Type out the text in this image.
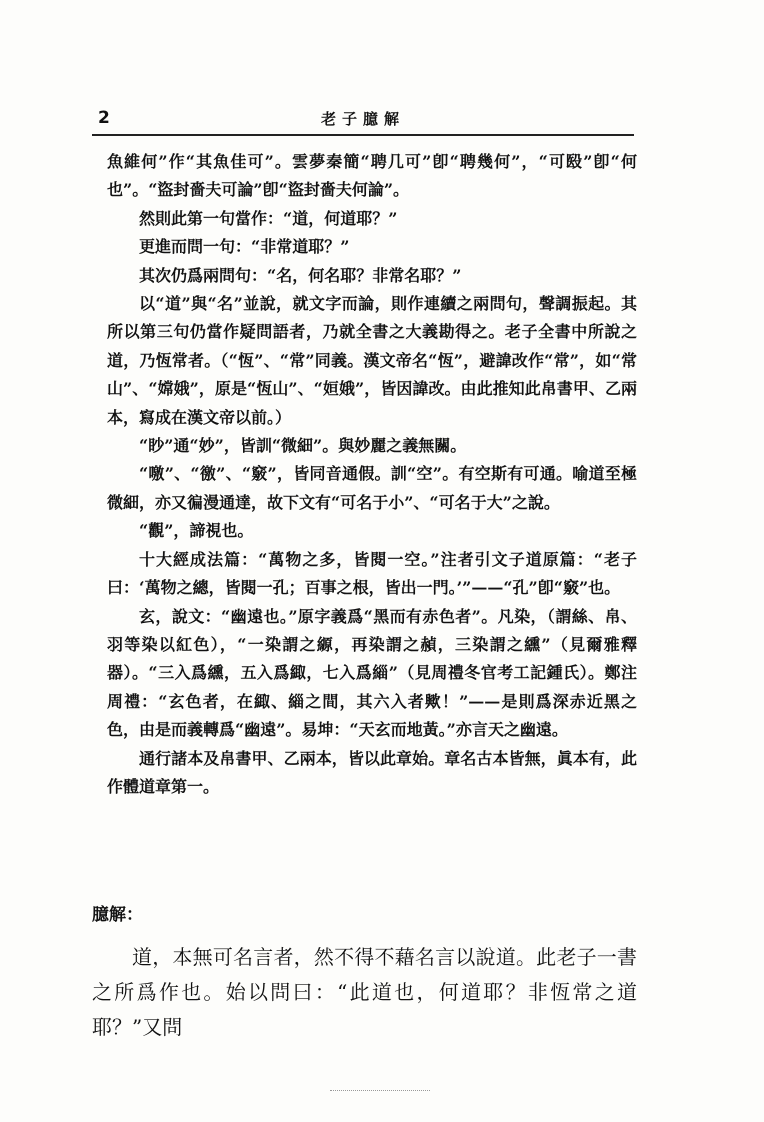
2	老子臆解

魚維何”作“其魚佳可”。雲夢秦簡“聘几可”卽“聘幾何”，“可殹”卽“何也”。“盜封嗇夫可論”卽“盜封嗇夫何論”。

然則此第一句當作：“道，何道耶？”

更進而問一句：“非常道耶？”

其次仍爲兩問句：“名，何名耶？非常名耶？”

以“道”與“名”並說，就文字而論，則作連續之兩問句，聲調振起。其所以第三句仍當作疑問語者，乃就全書之大義勘得之。老子全書中所說之道，乃恆常者。（“恆”、“常”同義。漢文帝名“恆”，避諱改作“常”，如“常山”、“嫦娥”，原是“恆山”、“姮娥”，皆因諱改。由此推知此帛書甲、乙兩本，寫成在漢文帝以前。）

“眇”通“妙”，皆訓“微細”。與妙麗之義無關。

“噭”、“徼”、“竅”，皆同音通假。訓“空”。有空斯有可通。喻道至極微細，亦又徧漫通達，故下文有“可名于小”、“可名于大”之說。

“觀”，諦視也。

十大經成法篇：“萬物之多，皆閱一空。”注者引文子道原篇：“老子曰：‘萬物之總，皆閱一孔；百事之根，皆出一門。’”——“孔”卽“竅”也。

玄，說文：“幽遠也。”原字義爲“黑而有赤色者”。凡染，（謂絲、帛、羽等染以紅色），“一染謂之縓，再染謂之赬，三染謂之纁”（見爾雅釋器）。“三入爲纁，五入爲緅，七入爲緇”（見周禮冬官考工記鍾氏）。鄭注周禮：“玄色者，在緅、緇之間，其六入者歟！”——是則爲深赤近黑之色，由是而義轉爲“幽遠”。易坤：“天玄而地黃。”亦言天之幽遠。

通行諸本及帛書甲、乙兩本，皆以此章始。章名古本皆無，眞本有，此作體道章第一。

臆解：

道，本無可名言者，然不得不藉名言以說道。此老子一書之所爲作也。始以問曰：“此道也，何道耶？非恆常之道耶？”又問
